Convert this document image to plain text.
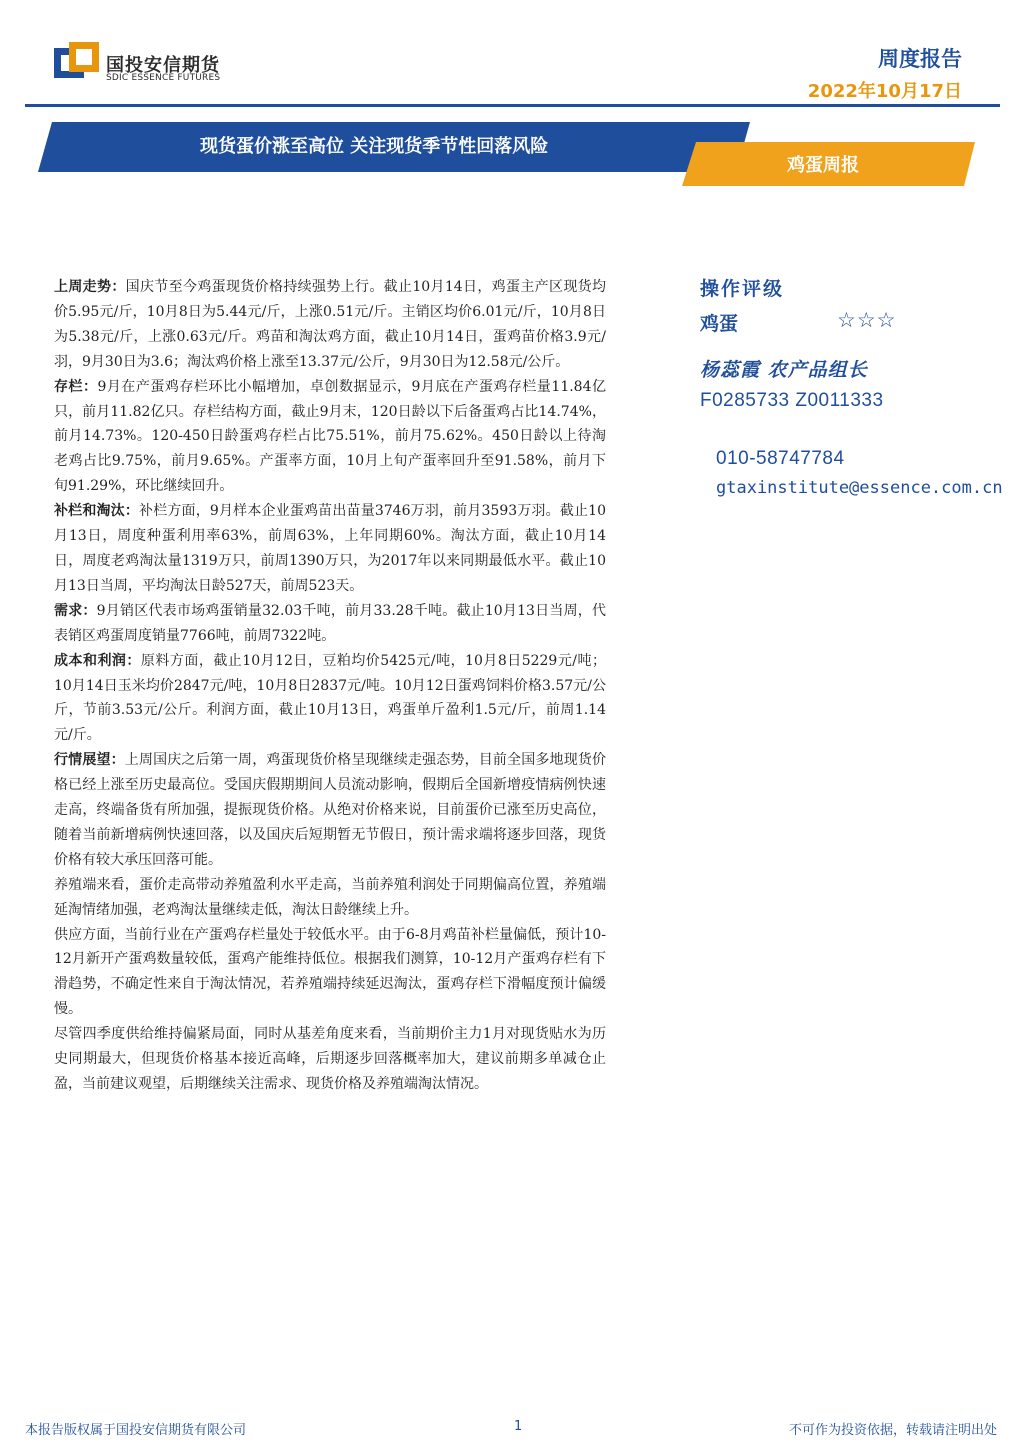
国投安信期货
SDIC ESSENCE FUTURES
周度报告
2022年10月17日
现货蛋价涨至高位 关注现货季节性回落风险
鸡蛋周报

上周走势：国庆节至今鸡蛋现货价格持续强势上行。截止10月14日，鸡蛋主产区现货均价5.95元/斤，10月8日为5.44元/斤，上涨0.51元/斤。主销区均价6.01元/斤，10月8日为5.38元/斤，上涨0.63元/斤。鸡苗和淘汰鸡方面，截止10月14日，蛋鸡苗价格3.9元/羽，9月30日为3.6；淘汰鸡价格上涨至13.37元/公斤，9月30日为12.58元/公斤。

存栏：9月在产蛋鸡存栏环比小幅增加，卓创数据显示，9月底在产蛋鸡存栏量11.84亿只，前月11.82亿只。存栏结构方面，截止9月末，120日龄以下后备蛋鸡占比14.74%，前月14.73%。120-450日龄蛋鸡存栏占比75.51%，前月75.62%。450日龄以上待淘老鸡占比9.75%，前月9.65%。产蛋率方面，10月上旬产蛋率回升至91.58%，前月下旬91.29%，环比继续回升。

补栏和淘汰：补栏方面，9月样本企业蛋鸡苗出苗量3746万羽，前月3593万羽。截止10月13日，周度种蛋利用率63%，前周63%，上年同期60%。淘汰方面，截止10月14日，周度老鸡淘汰量1319万只，前周1390万只，为2017年以来同期最低水平。截止10月13日当周，平均淘汰日龄527天，前周523天。

需求：9月销区代表市场鸡蛋销量32.03千吨，前月33.28千吨。截止10月13日当周，代表销区鸡蛋周度销量7766吨，前周7322吨。

成本和利润：原料方面，截止10月12日，豆粕均价5425元/吨，10月8日5229元/吨；10月14日玉米均价2847元/吨，10月8日2837元/吨。10月12日蛋鸡饲料价格3.57元/公斤，节前3.53元/公斤。利润方面，截止10月13日，鸡蛋单斤盈利1.5元/斤，前周1.14元/斤。

行情展望：上周国庆之后第一周，鸡蛋现货价格呈现继续走强态势，目前全国多地现货价格已经上涨至历史最高位。受国庆假期期间人员流动影响，假期后全国新增疫情病例快速走高，终端备货有所加强，提振现货价格。从绝对价格来说，目前蛋价已涨至历史高位，随着当前新增病例快速回落，以及国庆后短期暂无节假日，预计需求端将逐步回落，现货价格有较大承压回落可能。

养殖端来看，蛋价走高带动养殖盈利水平走高，当前养殖利润处于同期偏高位置，养殖端延淘情绪加强，老鸡淘汰量继续走低，淘汰日龄继续上升。

供应方面，当前行业在产蛋鸡存栏量处于较低水平。由于6-8月鸡苗补栏量偏低，预计10-12月新开产蛋鸡数量较低，蛋鸡产能维持低位。根据我们测算，10-12月产蛋鸡存栏有下滑趋势，不确定性来自于淘汰情况，若养殖端持续延迟淘汰，蛋鸡存栏下滑幅度预计偏缓慢。

尽管四季度供给维持偏紧局面，同时从基差角度来看，当前期价主力1月对现货贴水为历史同期最大，但现货价格基本接近高峰，后期逐步回落概率加大，建议前期多单减仓止盈，当前建议观望，后期继续关注需求、现货价格及养殖端淘汰情况。

操作评级
鸡蛋	☆☆☆
杨蕊霞 农产品组长
F0285733 Z0011333
010-58747784
gtaxinstitute@essence.com.cn
本报告版权属于国投安信期货有限公司	1	不可作为投资依据，转载请注明出处
